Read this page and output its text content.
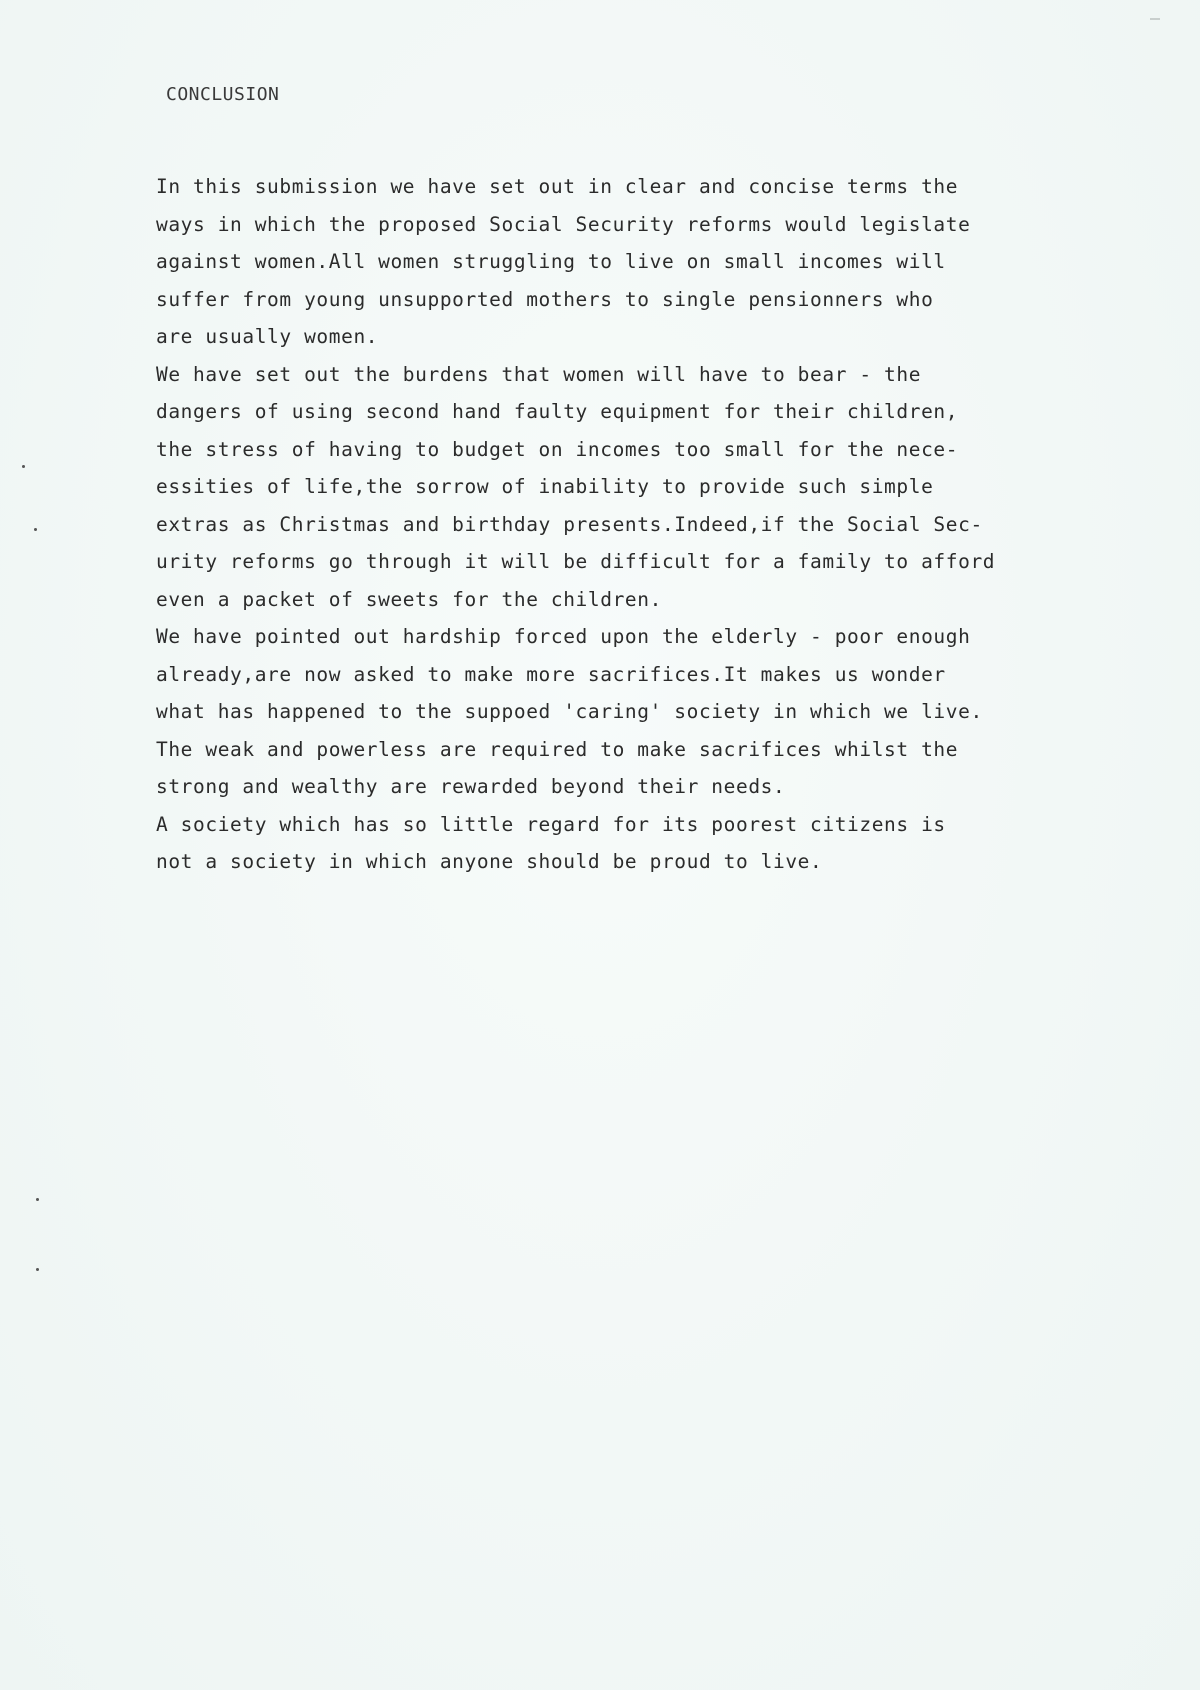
CONCLUSION
In this submission we have set out in clear and concise terms the
ways in which the proposed Social Security reforms would legislate
against women.All women struggling to live on small incomes will
suffer from young unsupported mothers to single pensionners who
are usually women.
We have set out the burdens that women will have to bear - the
dangers of using second hand faulty equipment for their children,
the stress of having to budget on incomes too small for the nece-
essities of life,the sorrow of inability to provide such simple
extras as Christmas and birthday presents.Indeed,if the Social Sec-
urity reforms go through it will be difficult for a family to afford
even a packet of sweets for the children.
We have pointed out hardship forced upon the elderly - poor enough
already,are now asked to make more sacrifices.It makes us wonder
what has happened to the suppoed 'caring' society in which we live.
The weak and powerless are required to make sacrifices whilst the
strong and wealthy are rewarded beyond their needs.
A society which has so little regard for its poorest citizens is
not a society in which anyone should be proud to live.
